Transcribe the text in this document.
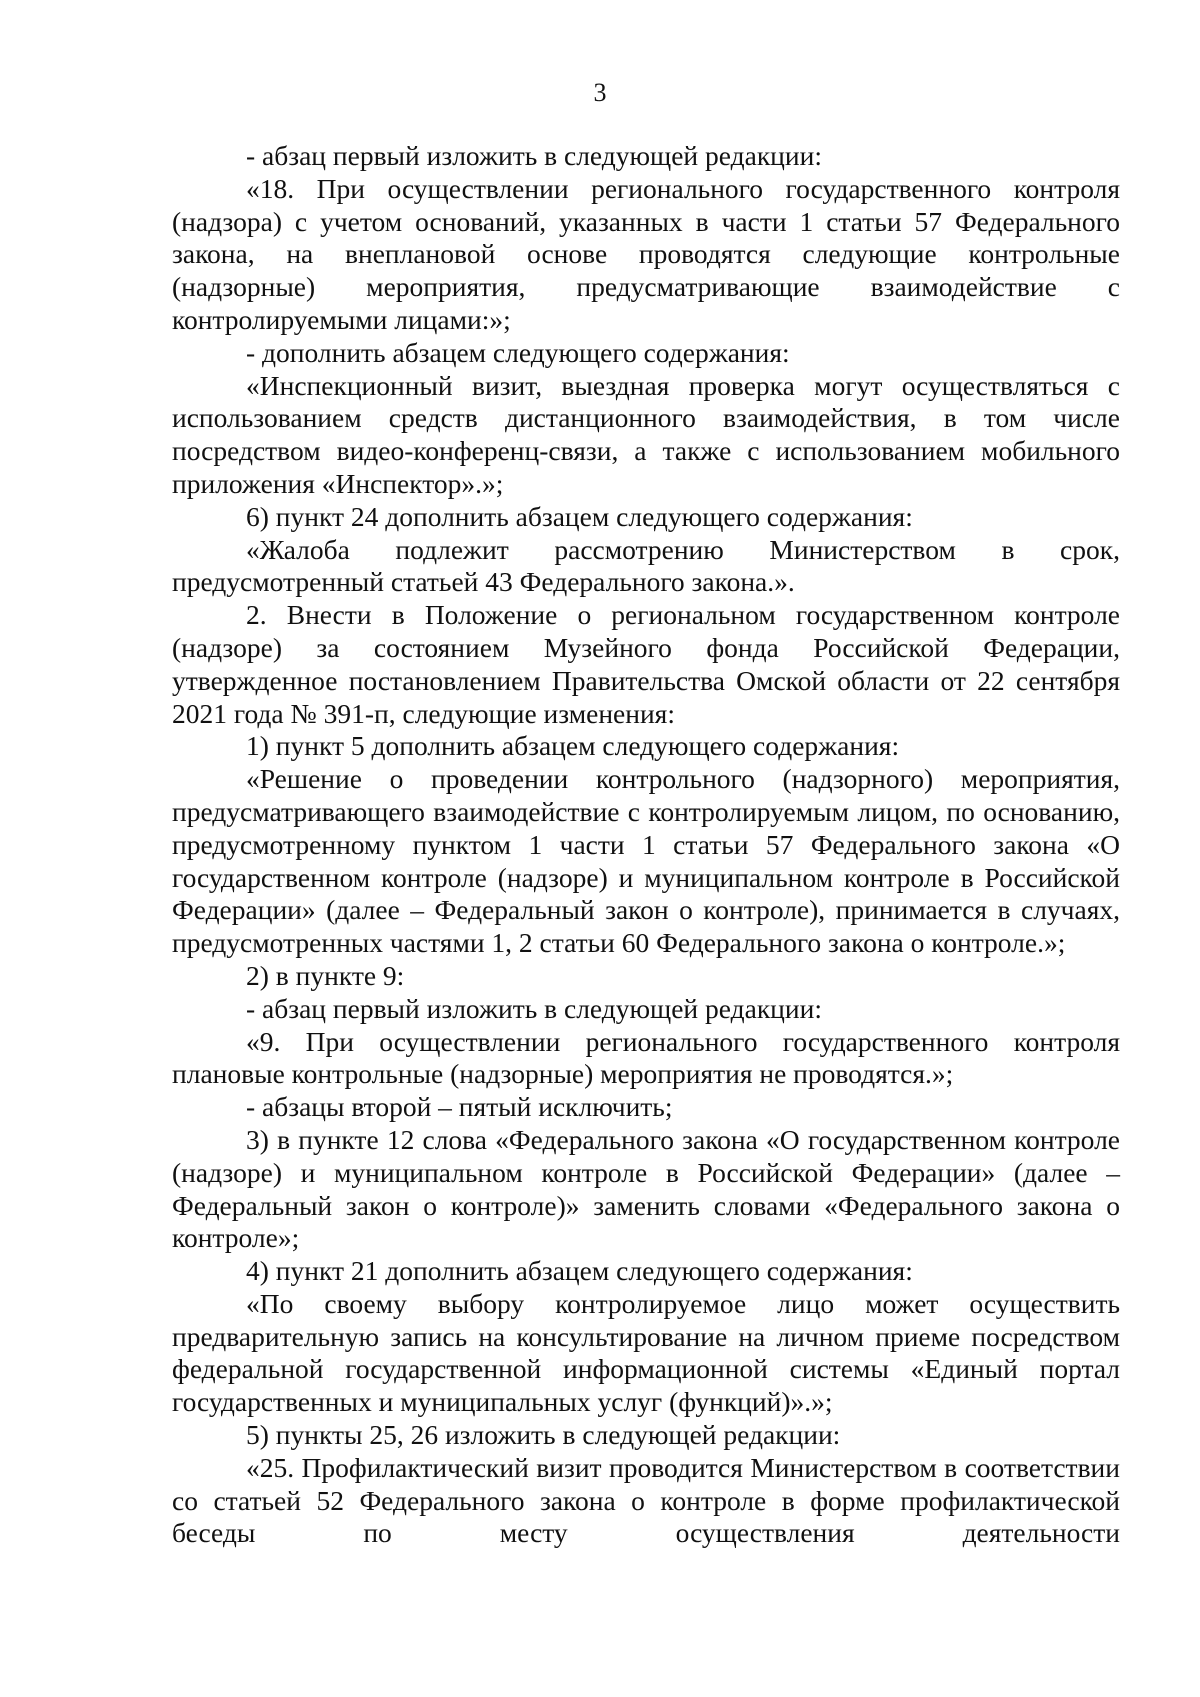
3

- абзац первый изложить в следующей редакции:

«18. При осуществлении регионального государственного контроля (надзора) с учетом оснований, указанных в части 1 статьи 57 Федерального закона, на внеплановой основе проводятся следующие контрольные (надзорные) мероприятия, предусматривающие взаимодействие с контролируемыми лицами:»;

- дополнить абзацем следующего содержания:

«Инспекционный визит, выездная проверка могут осуществляться с использованием средств дистанционного взаимодействия, в том числе посредством видео-конференц-связи, а также с использованием мобильного приложения «Инспектор».»;

6) пункт 24 дополнить абзацем следующего содержания:

«Жалоба подлежит рассмотрению Министерством в срок, предусмотренный статьей 43 Федерального закона.».

2. Внести в Положение о региональном государственном контроле (надзоре) за состоянием Музейного фонда Российской Федерации, утвержденное постановлением Правительства Омской области от 22 сентября 2021 года № 391-п, следующие изменения:

1) пункт 5 дополнить абзацем следующего содержания:

«Решение о проведении контрольного (надзорного) мероприятия, предусматривающего взаимодействие с контролируемым лицом, по основанию, предусмотренному пунктом 1 части 1 статьи 57 Федерального закона «О государственном контроле (надзоре) и муниципальном контроле в Российской Федерации» (далее – Федеральный закон о контроле), принимается в случаях, предусмотренных частями 1, 2 статьи 60 Федерального закона о контроле.»;

2) в пункте 9:

- абзац первый изложить в следующей редакции:

«9. При осуществлении регионального государственного контроля плановые контрольные (надзорные) мероприятия не проводятся.»;

- абзацы второй – пятый исключить;

3) в пункте 12 слова «Федерального закона «О государственном контроле (надзоре) и муниципальном контроле в Российской Федерации» (далее – Федеральный закон о контроле)» заменить словами «Федерального закона о контроле»;

4) пункт 21 дополнить абзацем следующего содержания:

«По своему выбору контролируемое лицо может осуществить предварительную запись на консультирование на личном приеме посредством федеральной государственной информационной системы «Единый портал государственных и муниципальных услуг (функций)».»;

5) пункты 25, 26 изложить в следующей редакции:

«25. Профилактический визит проводится Министерством в соответствии со статьей 52 Федерального закона о контроле в форме профилактической беседы по месту осуществления деятельности
